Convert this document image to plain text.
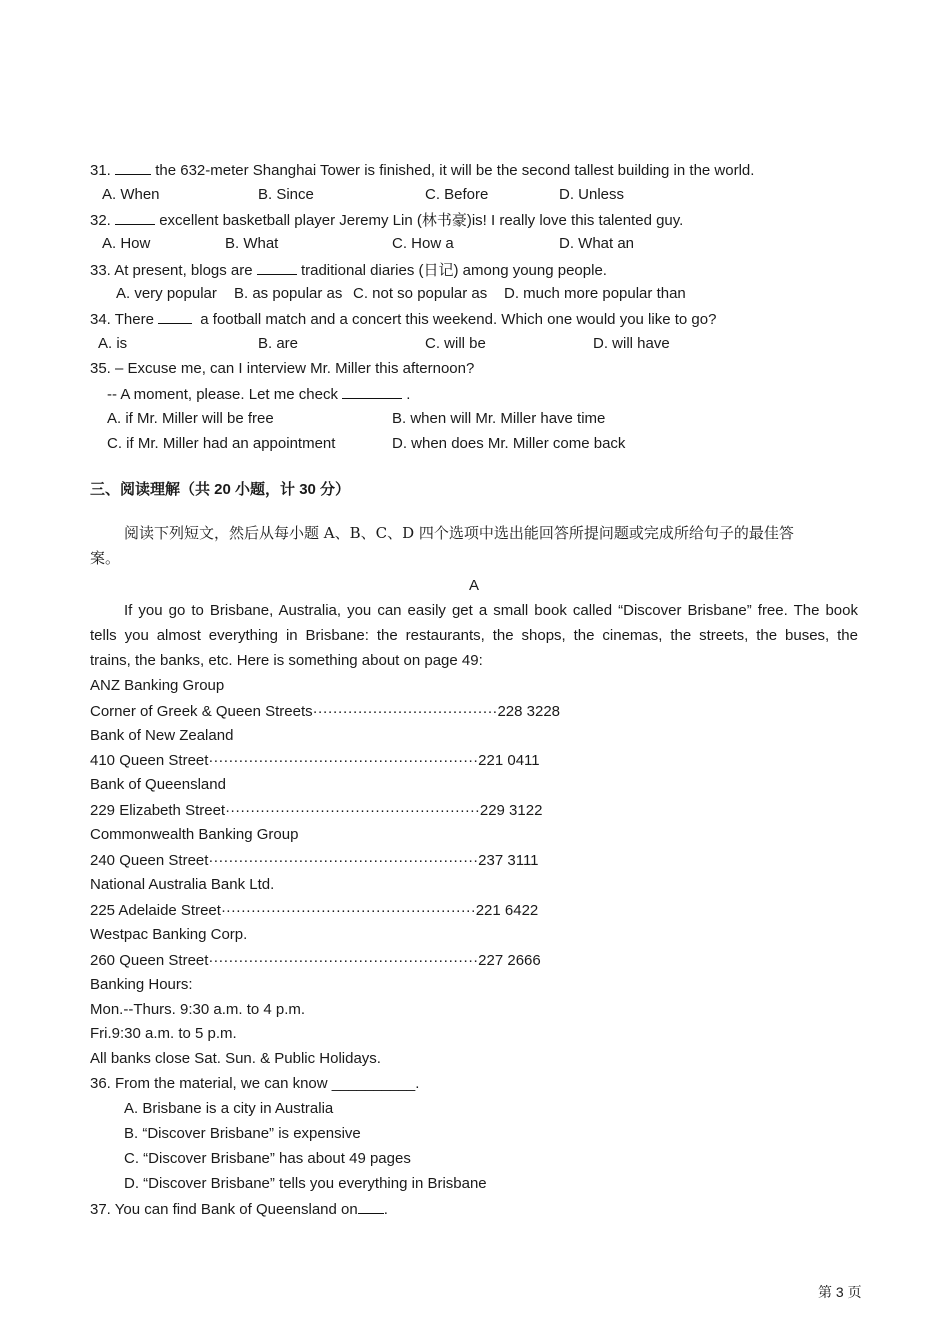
31.	the 632-meter Shanghai Tower is finished, it will be the second tallest building in the world.
A. When	B. Since	C. Before	D. Unless
32.	excellent basketball player Jeremy Lin (林书豪)is! I really love this talented guy.
A. How	B. What	C. How a	D. What an
33. At present, blogs are	traditional diaries (日记) among young people.
A. very popular B. as popular as C. not so popular as D. much more popular than
34. There	a football match and a concert this weekend. Which one would you like to go?
A. is	B. are	C. will be	D. will have
35. – Excuse me, can I interview Mr. Miller this afternoon?
-- A moment, please. Let me check	.
A. if Mr. Miller will be free	B. when will Mr. Miller have time
C. if Mr. Miller had an appointment	D. when does Mr. Miller come back
三、阅读理解（共 20 小题，计 30 分）
阅读下列短文，然后从每小题 A、B、C、D 四个选项中选出能回答所提问题或完成所给句子的最佳答
案。
A
If you go to Brisbane, Australia, you can easily get a small book called “Discover Brisbane” free. The book
tells you almost everything in Brisbane: the restaurants, the shops, the cinemas, the streets, the buses, the
trains, the banks, etc. Here is something about on page 49:
ANZ Banking Group
Corner of Greek & Queen Streets·····································228 3228
Bank of New Zealand
410 Queen Street······················································221 0411
Bank of Queensland
229 Elizabeth Street···················································229 3122
Commonwealth Banking Group
240 Queen Street······················································237 3111
National Australia Bank Ltd.
225 Adelaide Street···················································221 6422
Westpac Banking Corp.
260 Queen Street······················································227 2666
Banking Hours:
Mon.--Thurs. 9:30 a.m. to 4 p.m.
Fri.9:30 a.m. to 5 p.m.
All banks close Sat. Sun. & Public Holidays.
36. From the material, we can know __________.
A. Brisbane is a city in Australia
B. “Discover Brisbane” is expensive
C. “Discover Brisbane” has about 49 pages
D. “Discover Brisbane” tells you everything in Brisbane
37. You can find Bank of Queensland on .
第 3 页
